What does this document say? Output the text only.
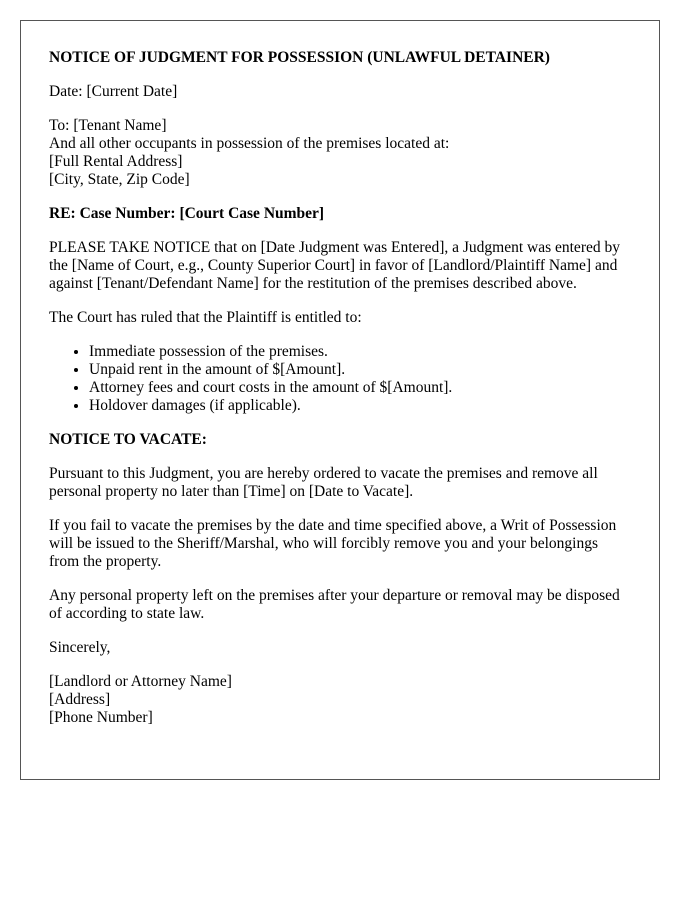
NOTICE OF JUDGMENT FOR POSSESSION (UNLAWFUL DETAINER)

Date: [Current Date]

To: [Tenant Name]
And all other occupants in possession of the premises located at:
[Full Rental Address]
[City, State, Zip Code]

RE: Case Number: [Court Case Number]

PLEASE TAKE NOTICE that on [Date Judgment was Entered], a Judgment was entered by the [Name of Court, e.g., County Superior Court] in favor of [Landlord/Plaintiff Name] and against [Tenant/Defendant Name] for the restitution of the premises described above.

The Court has ruled that the Plaintiff is entitled to:

• Immediate possession of the premises.
• Unpaid rent in the amount of $[Amount].
• Attorney fees and court costs in the amount of $[Amount].
• Holdover damages (if applicable).

NOTICE TO VACATE:

Pursuant to this Judgment, you are hereby ordered to vacate the premises and remove all personal property no later than [Time] on [Date to Vacate].

If you fail to vacate the premises by the date and time specified above, a Writ of Possession will be issued to the Sheriff/Marshal, who will forcibly remove you and your belongings from the property.

Any personal property left on the premises after your departure or removal may be disposed of according to state law.

Sincerely,

[Landlord or Attorney Name]
[Address]
[Phone Number]
